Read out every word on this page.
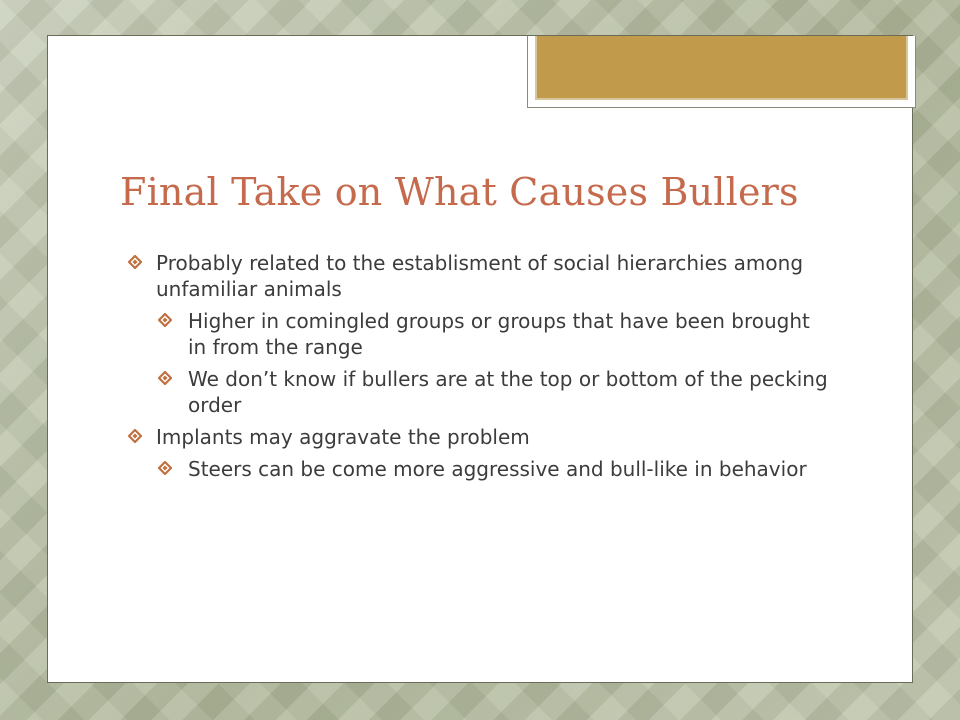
Final Take on What Causes Bullers
Probably related to the establisment of social hierarchies among unfamiliar animals
Higher in comingled groups or groups that have been brought in from the range
We don’t know if bullers are at the top or bottom of the pecking order
Implants may aggravate the problem
Steers can be come more aggressive and bull-like in behavior
